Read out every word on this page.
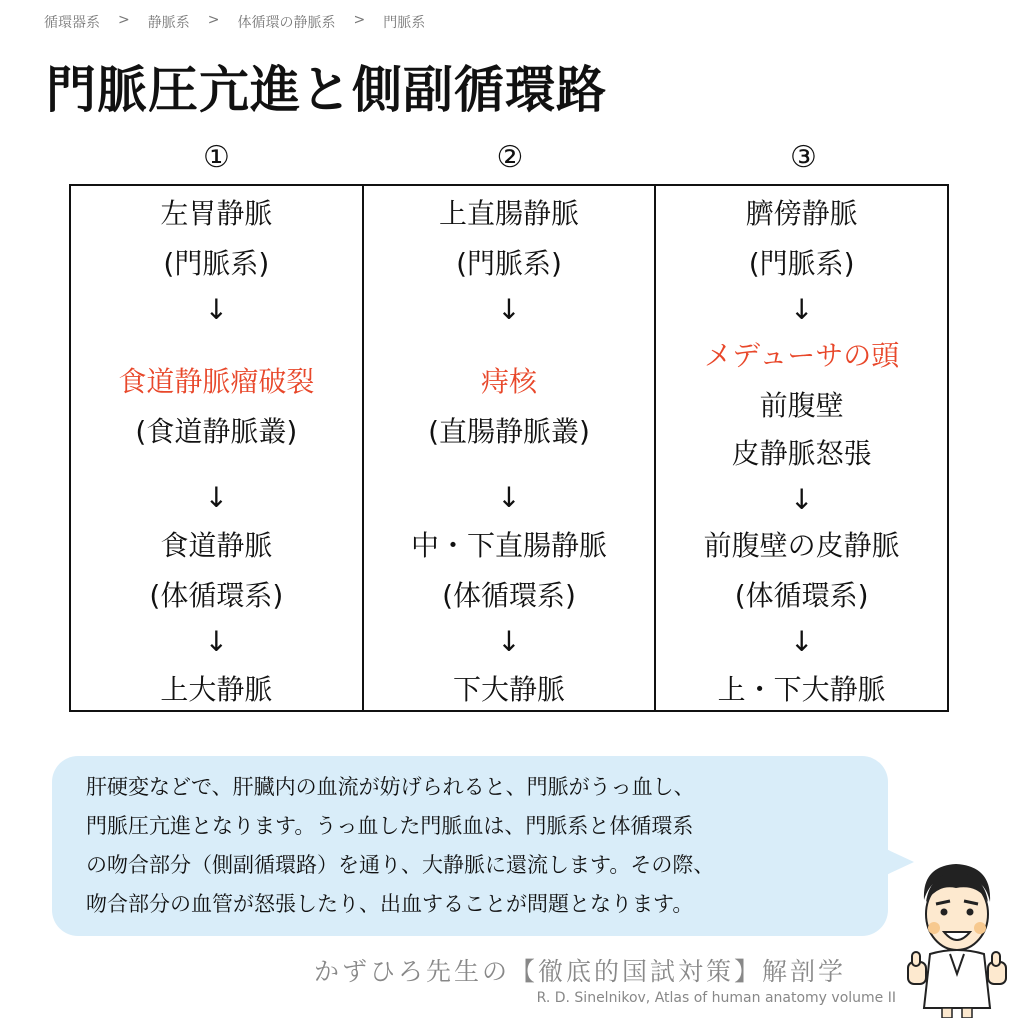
循環器系 > 静脈系 > 体循環の静脈系 > 門脈系
門脈圧亢進と側副循環路
①	②	③
左胃静脈
(門脈系)
↓
食道静脈瘤破裂
(食道静脈叢)
↓
食道静脈
(体循環系)
↓
上大静脈
上直腸静脈
(門脈系)
↓
痔核
(直腸静脈叢)
↓
中・下直腸静脈
(体循環系)
↓
下大静脈
臍傍静脈
(門脈系)
↓
メデューサの頭
前腹壁
皮静脈怒張
↓
前腹壁の皮静脈
(体循環系)
↓
上・下大静脈
肝硬変などで、肝臓内の血流が妨げられると、門脈がうっ血し、
門脈圧亢進となります。うっ血した門脈血は、門脈系と体循環系
の吻合部分（側副循環路）を通り、大静脈に還流します。その際、
吻合部分の血管が怒張したり、出血することが問題となります。
かずひろ先生の【徹底的国試対策】解剖学
R. D. Sinelnikov, Atlas of human anatomy volume II
